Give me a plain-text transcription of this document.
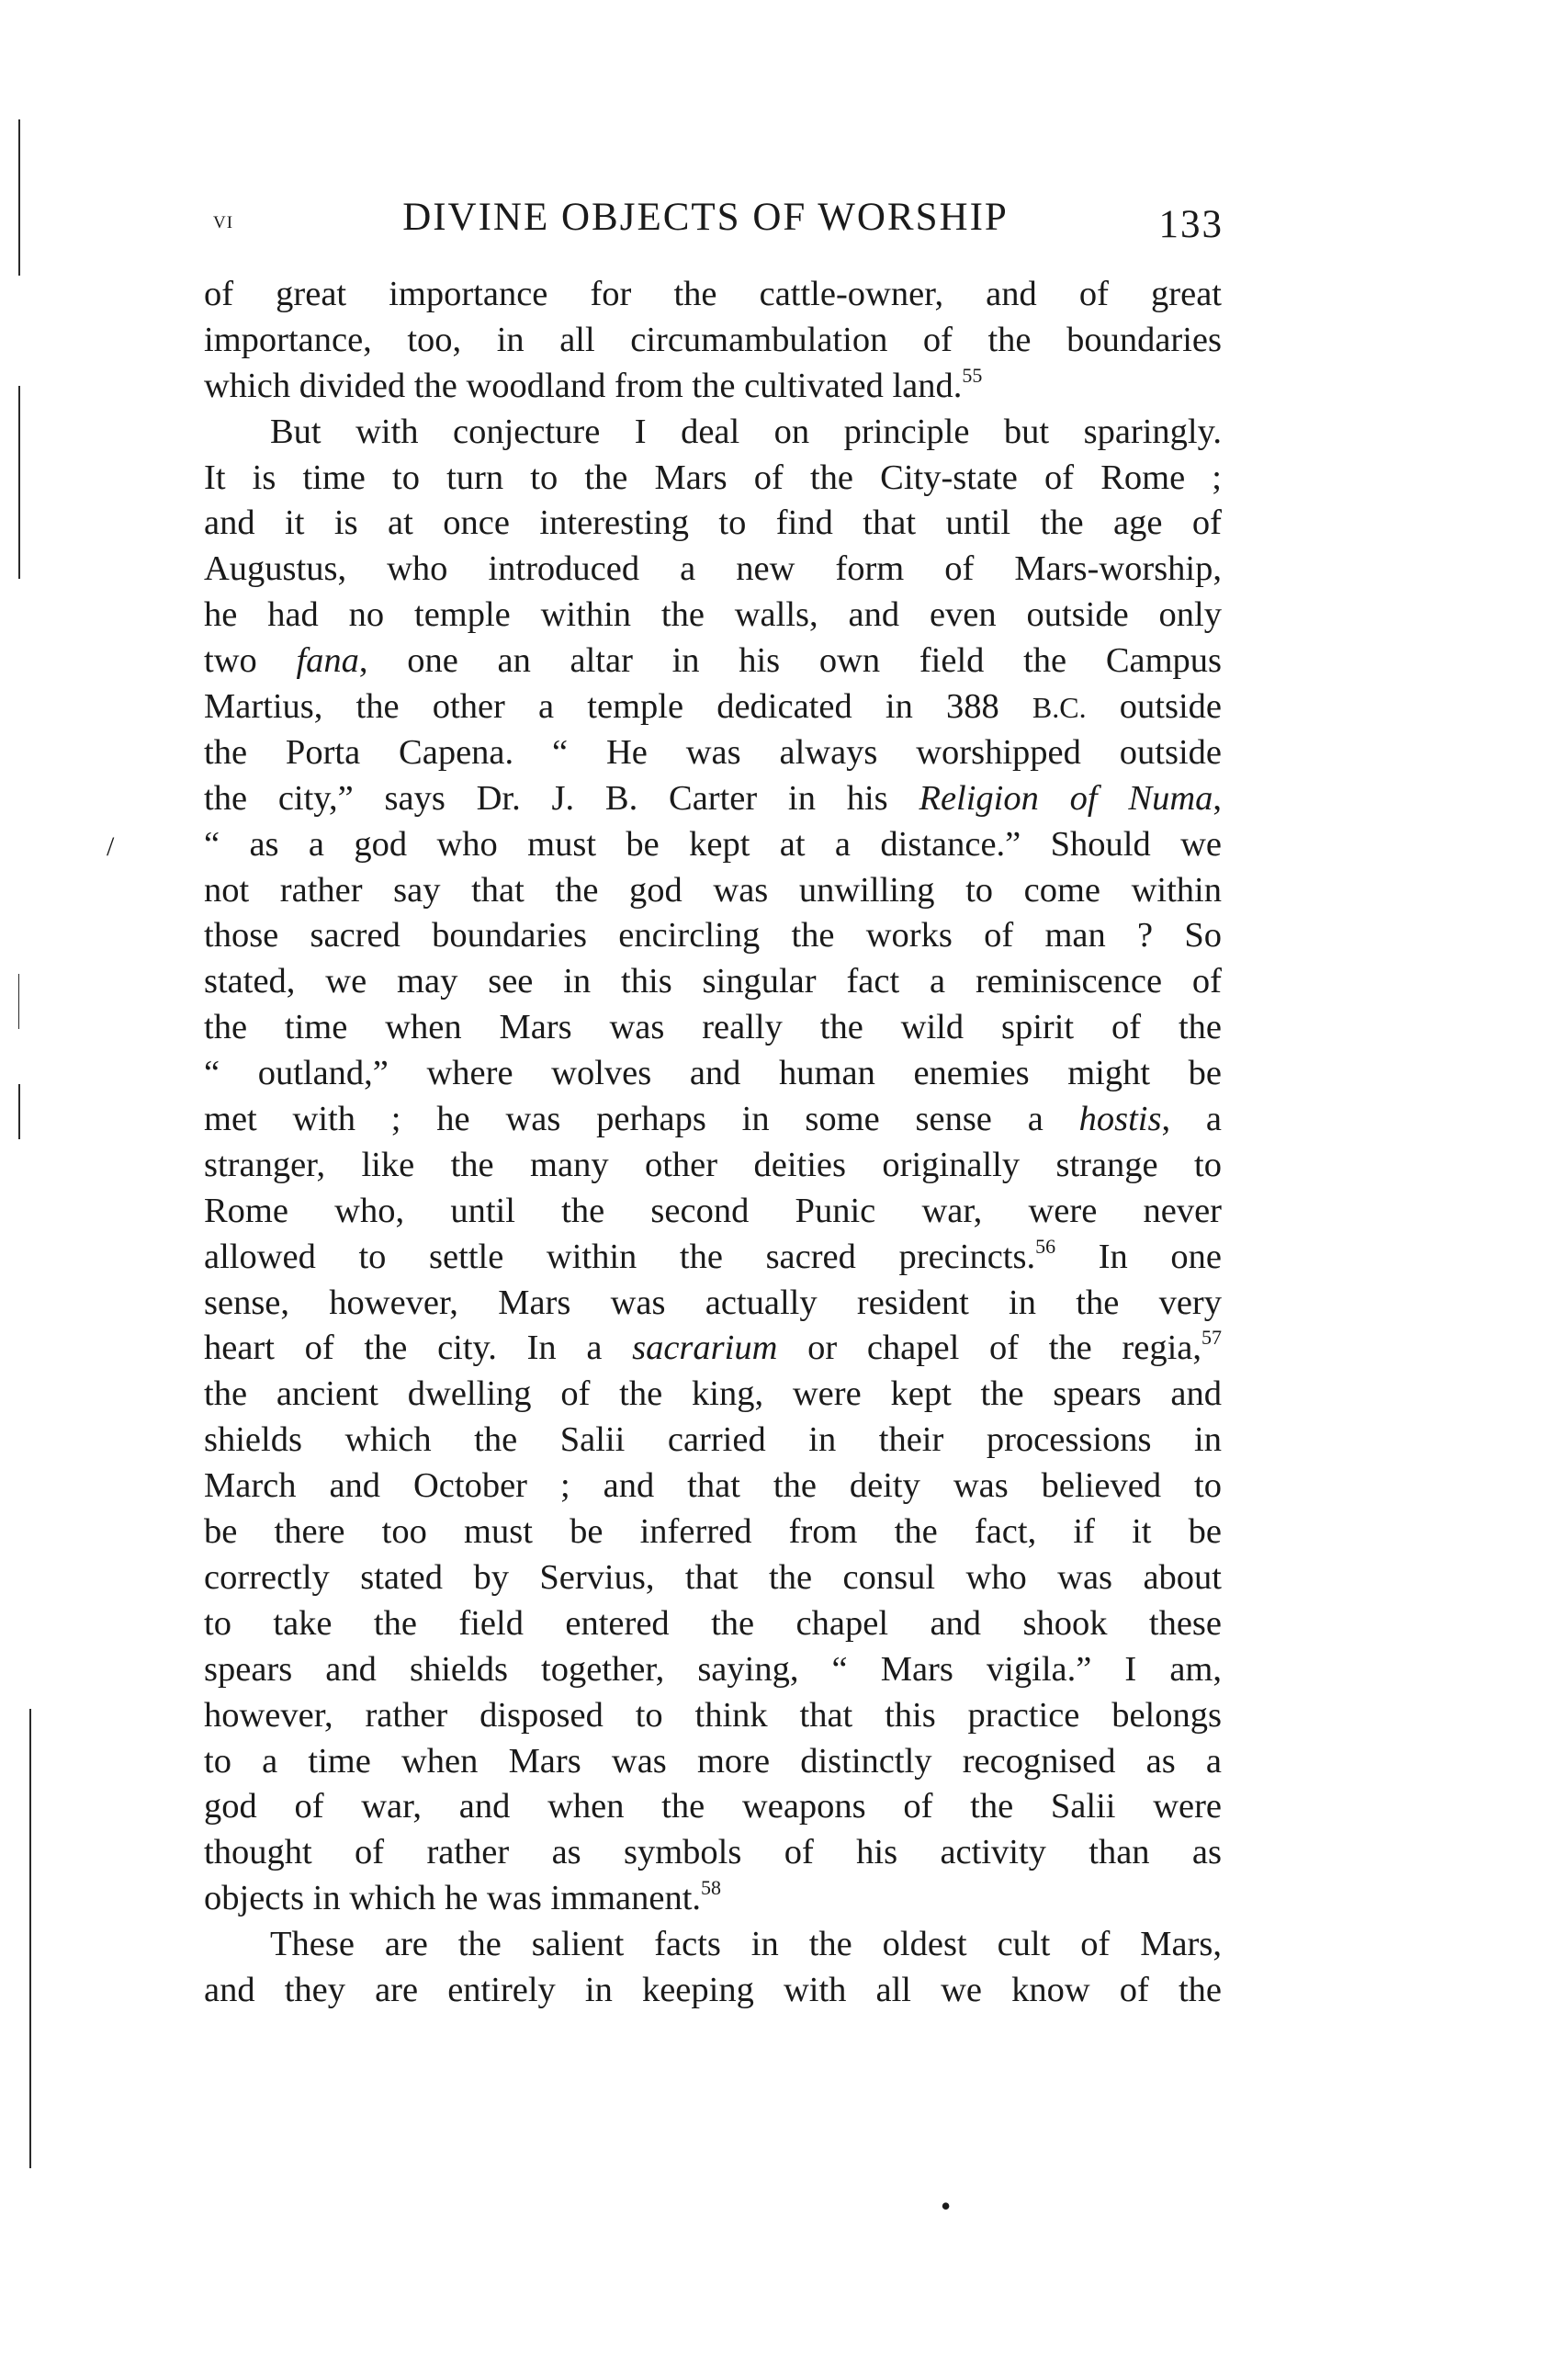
vi	DIVINE OBJECTS OF WORSHIP	133
of great importance for the cattle-owner, and of great
importance, too, in all circumambulation of the boundaries
which divided the woodland from the cultivated land.$^{55}$
But with conjecture I deal on principle but sparingly.
It is time to turn to the Mars of the City-state of Rome ;
and it is at once interesting to find that until the age of
Augustus, who introduced a new form of Mars-worship,
he had no temple within the walls, and even outside only
two fana, one an altar in his own field the Campus
Martius, the other a temple dedicated in 388 B.C. outside
the Porta Capena. “ He was always worshipped outside
the city,” says Dr. J. B. Carter in his Religion of Numa,
“ as a god who must be kept at a distance.” Should we
not rather say that the god was unwilling to come within
those sacred boundaries encircling the works of man ? So
stated, we may see in this singular fact a reminiscence of
the time when Mars was really the wild spirit of the
“ outland,” where wolves and human enemies might be
met with ; he was perhaps in some sense a hostis, a
stranger, like the many other deities originally strange to
Rome who, until the second Punic war, were never
allowed to settle within the sacred precincts.$^{56}$ In one
sense, however, Mars was actually resident in the very
heart of the city. In a sacrarium or chapel of the regia,$^{57}$
the ancient dwelling of the king, were kept the spears and
shields which the Salii carried in their processions in
March and October ; and that the deity was believed to
be there too must be inferred from the fact, if it be
correctly stated by Servius, that the consul who was about
to take the field entered the chapel and shook these
spears and shields together, saying, “ Mars vigila.” I am,
however, rather disposed to think that this practice belongs
to a time when Mars was more distinctly recognised as a
god of war, and when the weapons of the Salii were
thought of rather as symbols of his activity than as
objects in which he was immanent.$^{58}$
These are the salient facts in the oldest cult of Mars,
and they are entirely in keeping with all we know of the
/
•
